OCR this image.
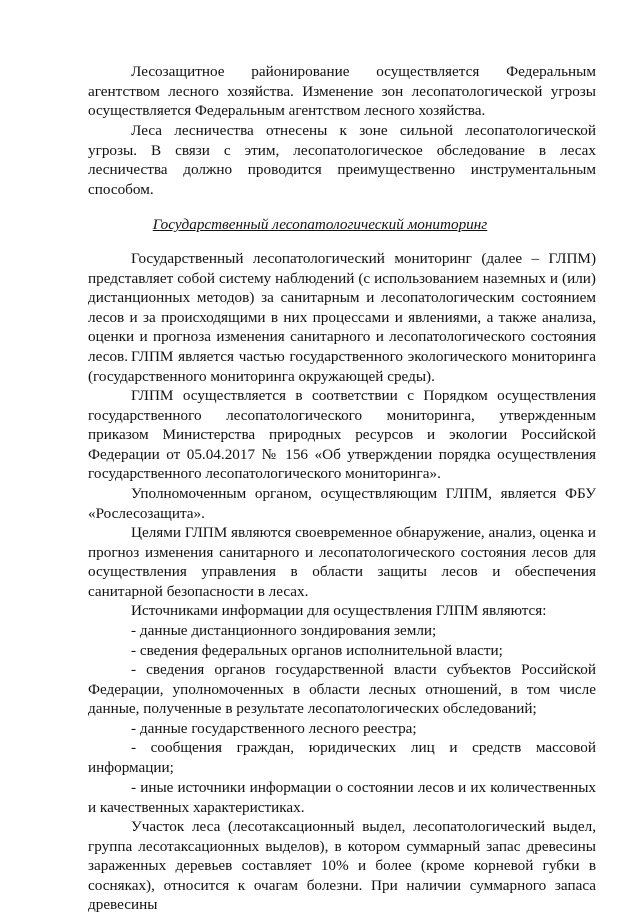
Лесозащитное районирование осуществляется Федеральным агентством лесного хозяйства. Изменение зон лесопатологической угрозы осуществляется Федеральным агентством лесного хозяйства.

Леса лесничества отнесены к зоне сильной лесопатологической угрозы. В связи с этим, лесопатологическое обследование в лесах лесничества должно проводится преимущественно инструментальным способом.

Государственный лесопатологический мониторинг

Государственный лесопатологический мониторинг (далее – ГЛПМ) представляет собой систему наблюдений (с использованием наземных и (или) дистанционных методов) за санитарным и лесопатологическим состоянием лесов и за происходящими в них процессами и явлениями, а также анализа, оценки и прогноза изменения санитарного и лесопатологического состояния лесов. ГЛПМ является частью государственного экологического мониторинга (государственного мониторинга окружающей среды).

ГЛПМ осуществляется в соответствии с Порядком осуществления государственного лесопатологического мониторинга, утвержденным приказом Министерства природных ресурсов и экологии Российской Федерации от 05.04.2017 № 156 «Об утверждении порядка осуществления государственного лесопатологического мониторинга».

Уполномоченным органом, осуществляющим ГЛПМ, является ФБУ «Рослесозащита».

Целями ГЛПМ являются своевременное обнаружение, анализ, оценка и прогноз изменения санитарного и лесопатологического состояния лесов для осуществления управления в области защиты лесов и обеспечения санитарной безопасности в лесах.

Источниками информации для осуществления ГЛПМ являются:

- данные дистанционного зондирования земли;

- сведения федеральных органов исполнительной власти;

- сведения органов государственной власти субъектов Российской Федерации, уполномоченных в области лесных отношений, в том числе данные, полученные в результате лесопатологических обследований;

- данные государственного лесного реестра;

- сообщения граждан, юридических лиц и средств массовой информации;

- иные источники информации о состоянии лесов и их количественных и качественных характеристиках.

Участок леса (лесотаксационный выдел, лесопатологический выдел, группа лесотаксационных выделов), в котором суммарный запас древесины зараженных деревьев составляет 10% и более (кроме корневой губки в сосняках), относится к очагам болезни. При наличии суммарного запаса древесины
